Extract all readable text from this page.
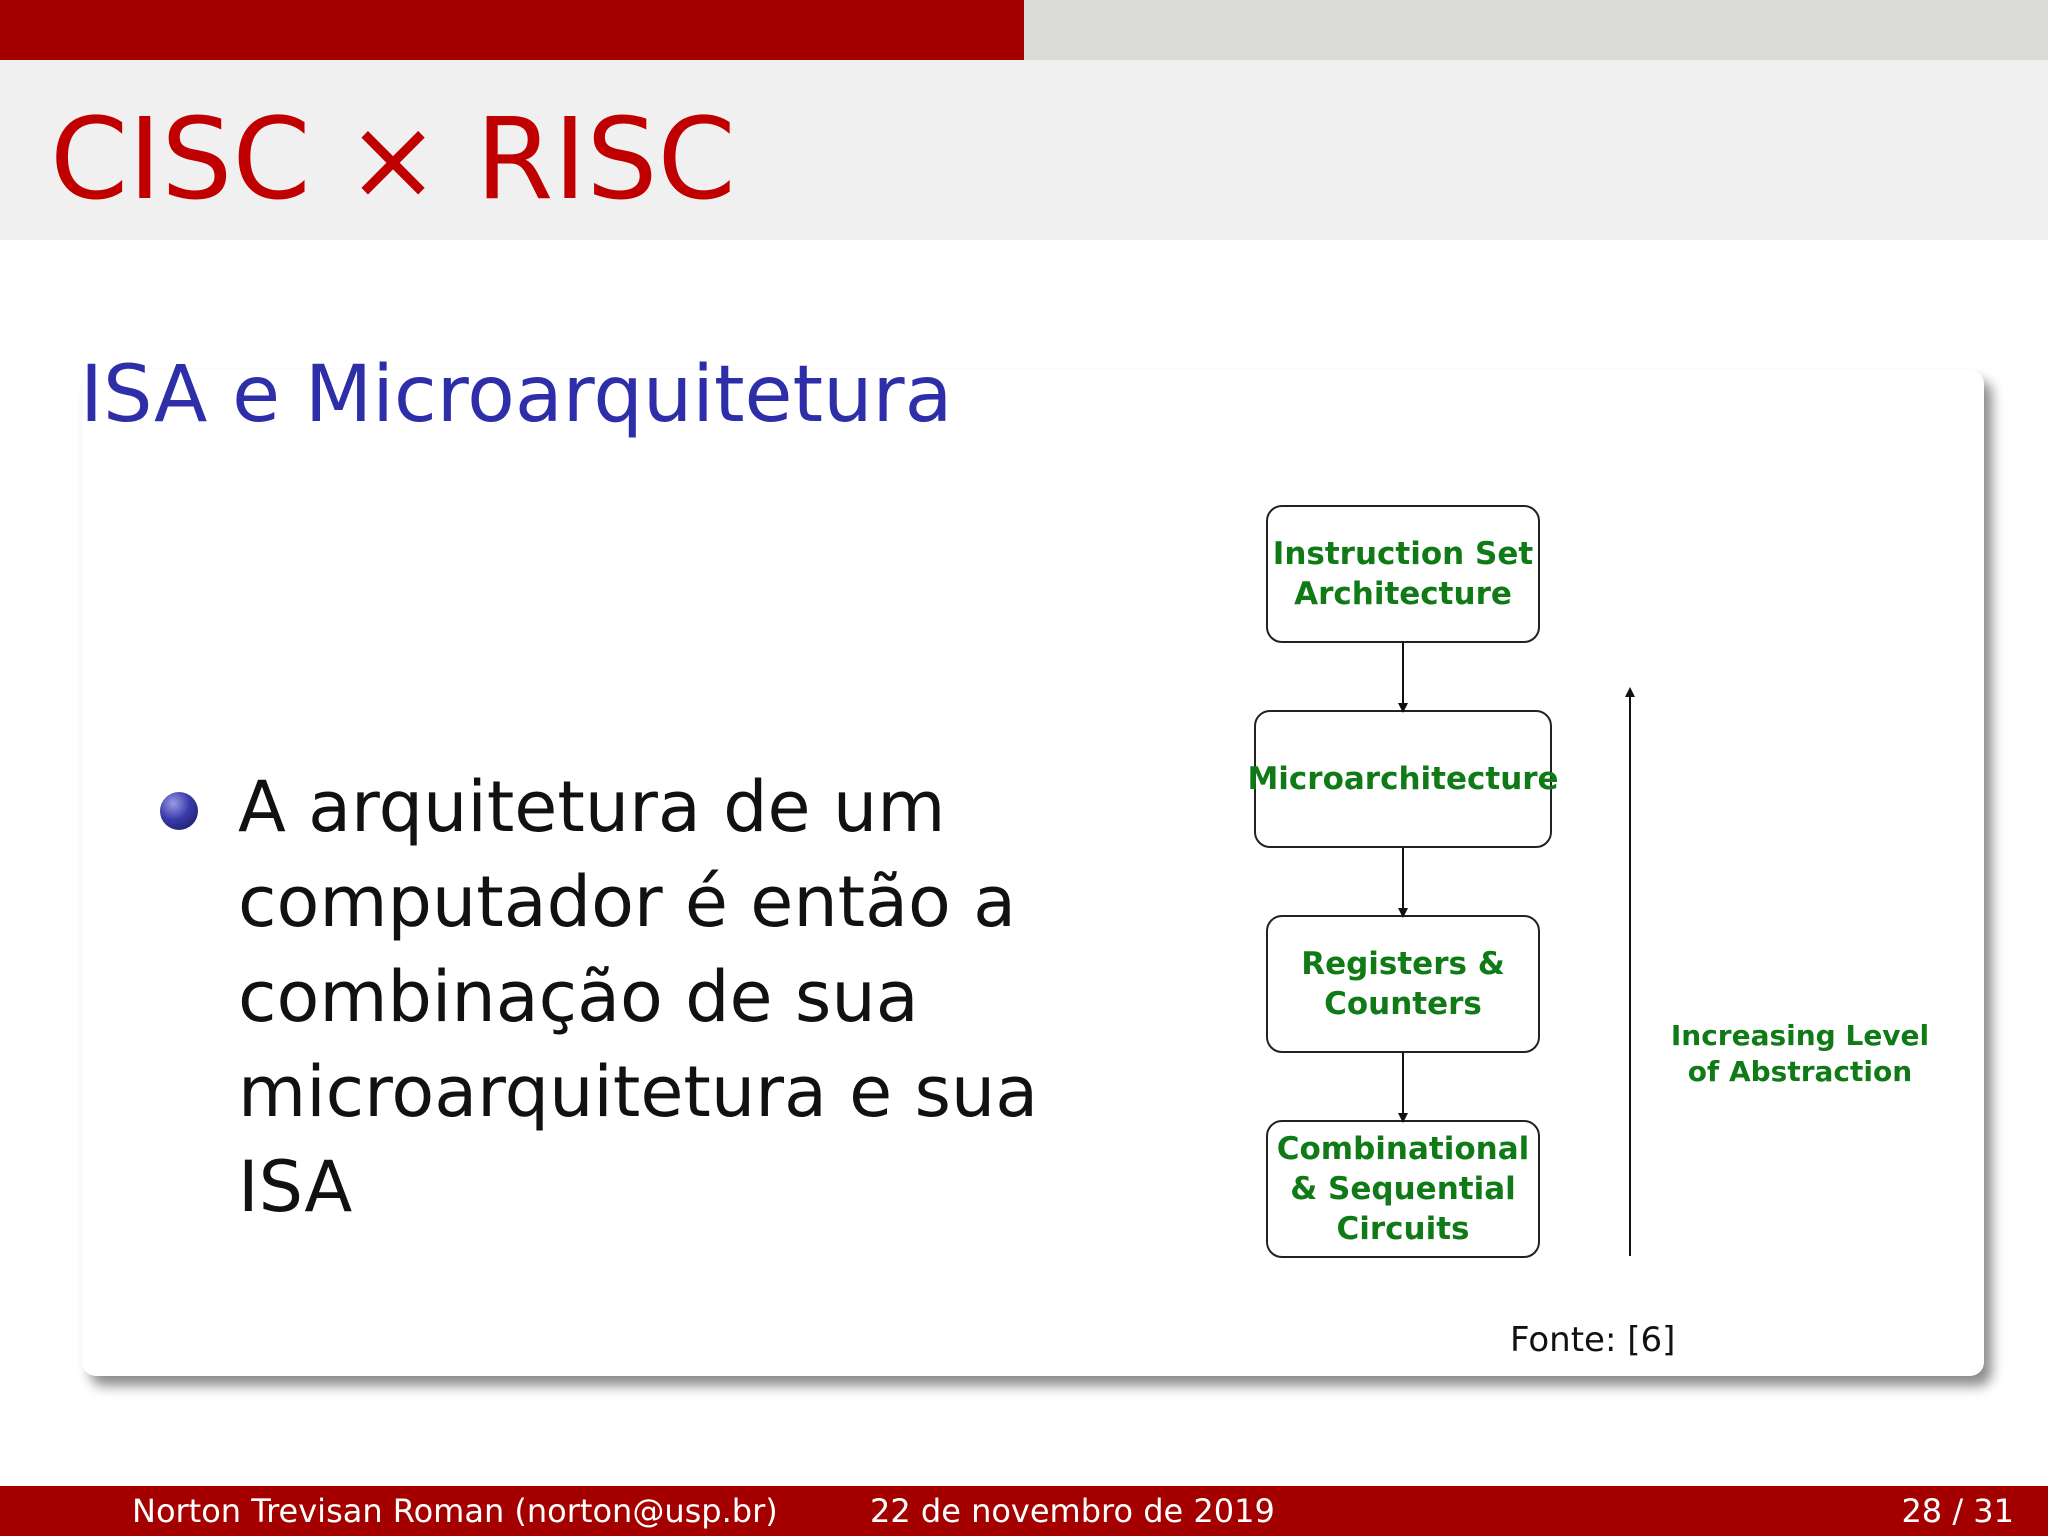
CISC × RISC
ISA e Microarquitetura
A arquitetura de um computador é então a combinação de sua microarquitetura e sua ISA
Instruction Set Architecture
Microarchitecture
Registers & Counters
Combinational & Sequential Circuits
Increasing Level of Abstraction
Fonte: [6]
Norton Trevisan Roman (norton@usp.br)	22 de novembro de 2019	28 / 31
